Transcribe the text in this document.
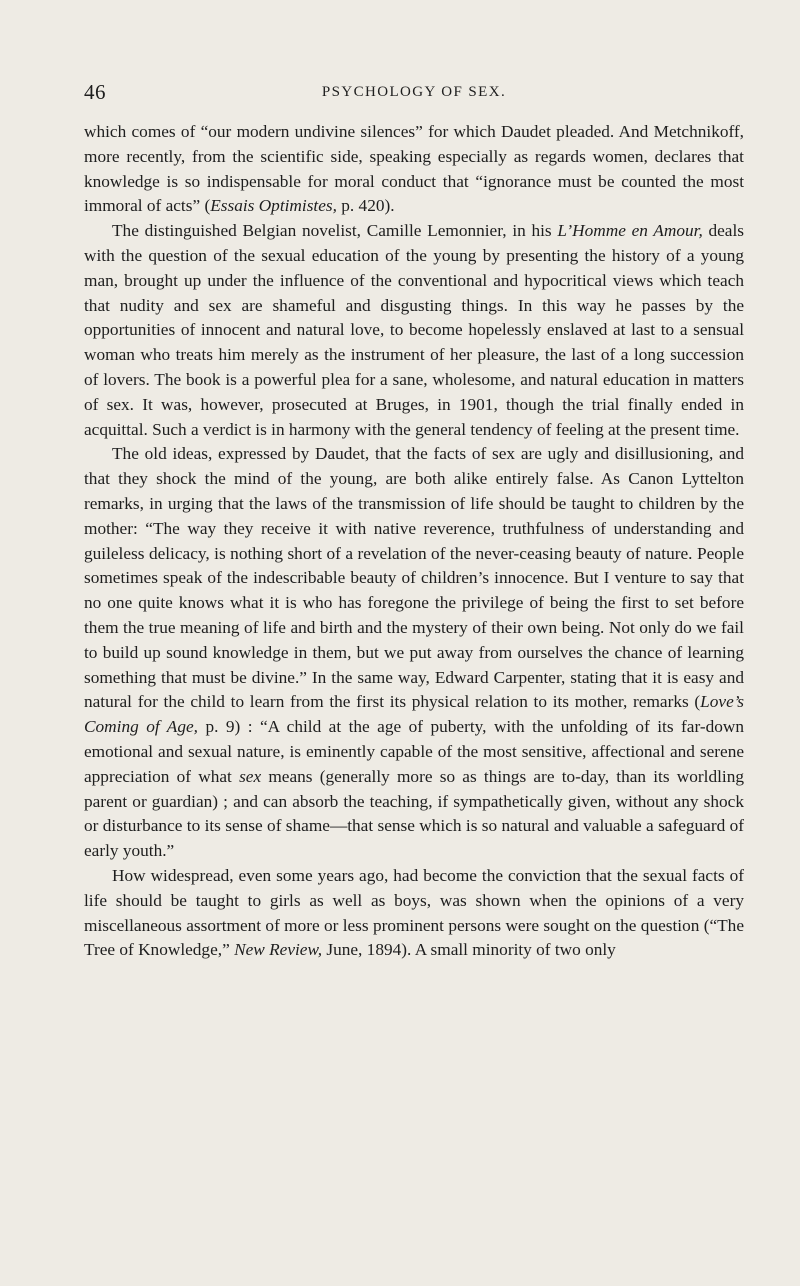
46	PSYCHOLOGY OF SEX.

which comes of “our modern undivine silences” for which Daudet pleaded. And Metchnikoff, more recently, from the scientific side, speaking especially as regards women, declares that knowledge is so indispensable for moral conduct that “ignorance must be counted the most immoral of acts” (Essais Optimistes, p. 420).

The distinguished Belgian novelist, Camille Lemonnier, in his L’Homme en Amour, deals with the question of the sexual education of the young by presenting the history of a young man, brought up under the influence of the conventional and hypocritical views which teach that nudity and sex are shameful and disgusting things. In this way he passes by the opportunities of innocent and natural love, to become hopelessly enslaved at last to a sensual woman who treats him merely as the instrument of her pleasure, the last of a long succession of lovers. The book is a powerful plea for a sane, wholesome, and natural education in matters of sex. It was, however, prosecuted at Bruges, in 1901, though the trial finally ended in acquittal. Such a verdict is in harmony with the general tendency of feeling at the present time.

The old ideas, expressed by Daudet, that the facts of sex are ugly and disillusioning, and that they shock the mind of the young, are both alike entirely false. As Canon Lyttelton remarks, in urging that the laws of the transmission of life should be taught to children by the mother: “The way they receive it with native reverence, truthfulness of understanding and guileless delicacy, is nothing short of a revelation of the never-ceasing beauty of nature. People sometimes speak of the indescribable beauty of children’s innocence. But I venture to say that no one quite knows what it is who has foregone the privilege of being the first to set before them the true meaning of life and birth and the mystery of their own being. Not only do we fail to build up sound knowledge in them, but we put away from ourselves the chance of learning something that must be divine.” In the same way, Edward Carpenter, stating that it is easy and natural for the child to learn from the first its physical relation to its mother, remarks (Love’s Coming of Age, p. 9) : “A child at the age of puberty, with the unfolding of its far-down emotional and sexual nature, is eminently capable of the most sensitive, affectional and serene appreciation of what sex means (generally more so as things are to-day, than its worldling parent or guardian) ; and can absorb the teaching, if sympathetically given, without any shock or disturbance to its sense of shame—that sense which is so natural and valuable a safeguard of early youth.”

How widespread, even some years ago, had become the conviction that the sexual facts of life should be taught to girls as well as boys, was shown when the opinions of a very miscellaneous assortment of more or less prominent persons were sought on the question (“The Tree of Knowledge,” New Review, June, 1894). A small minority of two only
